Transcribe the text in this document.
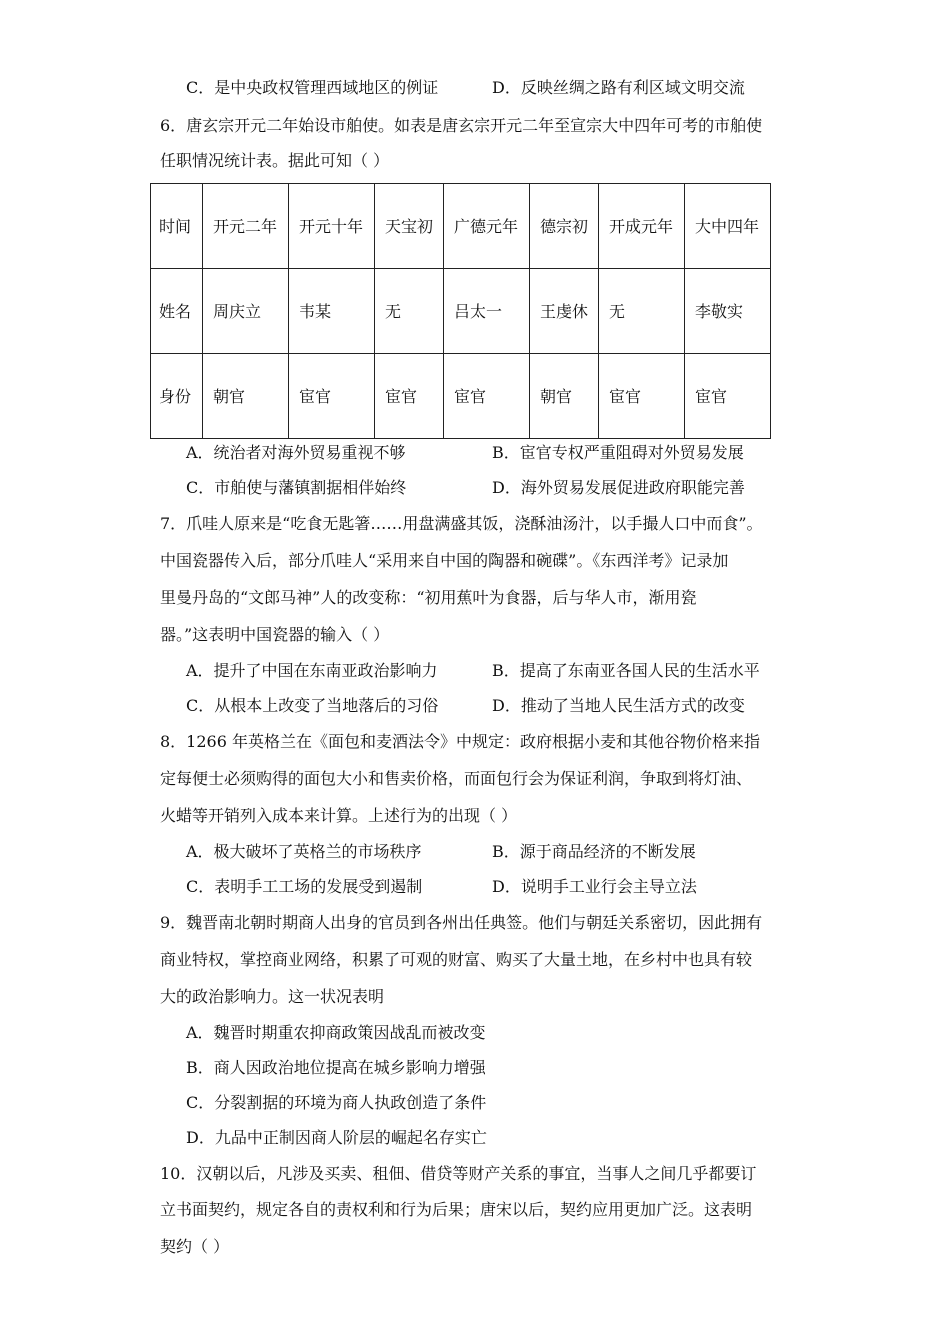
C．是中央政权管理西域地区的例证	D．反映丝绸之路有利区域文明交流
6．唐玄宗开元二年始设市舶使。如表是唐玄宗开元二年至宣宗大中四年可考的市舶使
任职情况统计表。据此可知（ ）
时间	开元二年	开元十年	天宝初	广德元年	德宗初	开成元年	大中四年
姓名	周庆立	韦某	无	吕太一	王虔休	无	李敬实
身份	朝官	宦官	宦官	宦官	朝官	宦官	宦官
A．统治者对海外贸易重视不够	B．宦官专权严重阻碍对外贸易发展
C．市舶使与藩镇割据相伴始终	D．海外贸易发展促进政府职能完善
7．爪哇人原来是“吃食无匙箸……用盘满盛其饭，浇酥油汤汁，以手撮人口中而食”。
中国瓷器传入后，部分爪哇人“采用来自中国的陶器和碗碟”。《东西洋考》记录加
里曼丹岛的“文郎马神”人的改变称：“初用蕉叶为食器，后与华人市，渐用瓷
器。”这表明中国瓷器的输入（ ）
A．提升了中国在东南亚政治影响力	B．提高了东南亚各国人民的生活水平
C．从根本上改变了当地落后的习俗	D．推动了当地人民生活方式的改变
8．1266 年英格兰在《面包和麦酒法令》中规定：政府根据小麦和其他谷物价格来指
定每便士必须购得的面包大小和售卖价格，而面包行会为保证利润，争取到将灯油、
火蜡等开销列入成本来计算。上述行为的出现（ ）
A．极大破坏了英格兰的市场秩序	B．源于商品经济的不断发展
C．表明手工工场的发展受到遏制	D．说明手工业行会主导立法
9．魏晋南北朝时期商人出身的官员到各州出任典签。他们与朝廷关系密切，因此拥有
商业特权，掌控商业网络，积累了可观的财富、购买了大量土地，在乡村中也具有较
大的政治影响力。这一状况表明
A．魏晋时期重农抑商政策因战乱而被改变
B．商人因政治地位提高在城乡影响力增强
C．分裂割据的环境为商人执政创造了条件
D．九品中正制因商人阶层的崛起名存实亡
10．汉朝以后，凡涉及买卖、租佃、借贷等财产关系的事宜，当事人之间几乎都要订
立书面契约，规定各自的责权利和行为后果；唐宋以后，契约应用更加广泛。这表明
契约（ ）
